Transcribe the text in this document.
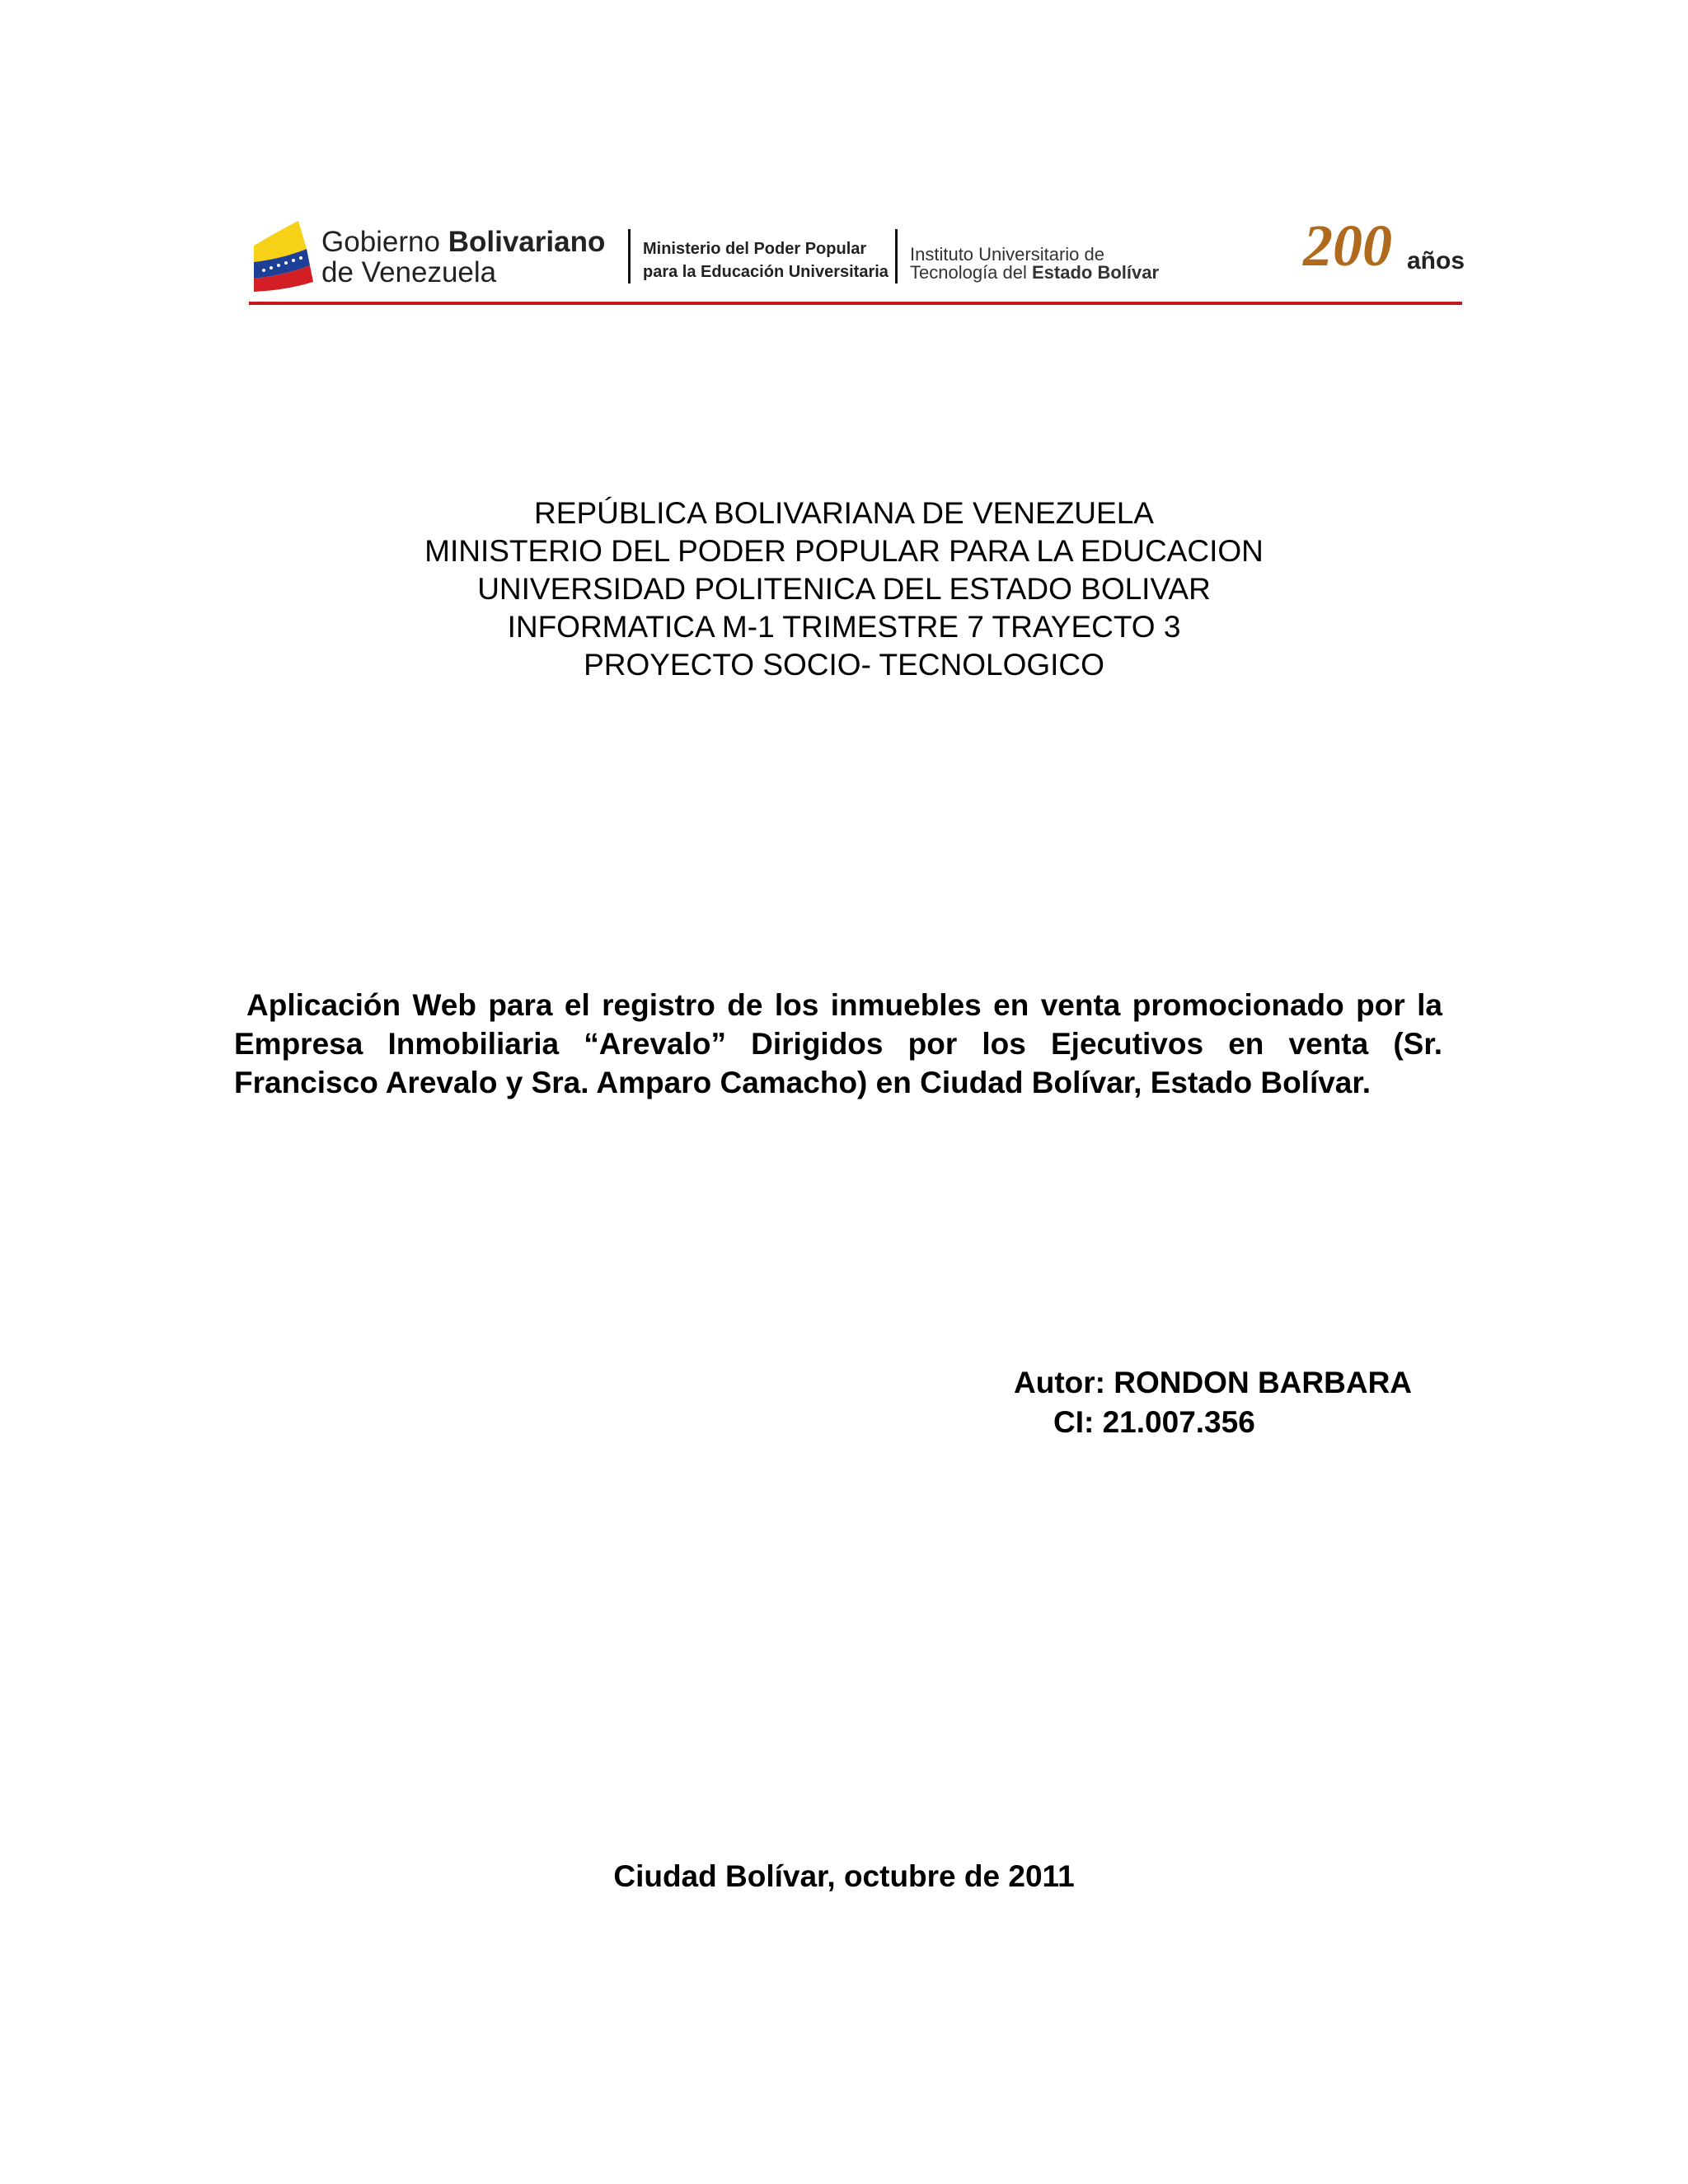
Gobierno Bolivariano
de Venezuela
Ministerio del Poder Popular
para la Educación Universitaria
Instituto Universitario de
Tecnología del Estado Bolívar 200 años
REPÚBLICA BOLIVARIANA DE VENEZUELA
MINISTERIO DEL PODER POPULAR PARA LA EDUCACION
UNIVERSIDAD POLITENICA DEL ESTADO BOLIVAR
INFORMATICA M-1 TRIMESTRE 7 TRAYECTO 3
PROYECTO SOCIO- TECNOLOGICO
Aplicación Web para el registro de los inmuebles en venta promocionado por la Empresa Inmobiliaria “Arevalo” Dirigidos por los Ejecutivos en venta (Sr. Francisco Arevalo y Sra. Amparo Camacho) en Ciudad Bolívar, Estado Bolívar.
Autor: RONDON BARBARA
CI: 21.007.356
Ciudad Bolívar, octubre de 2011
